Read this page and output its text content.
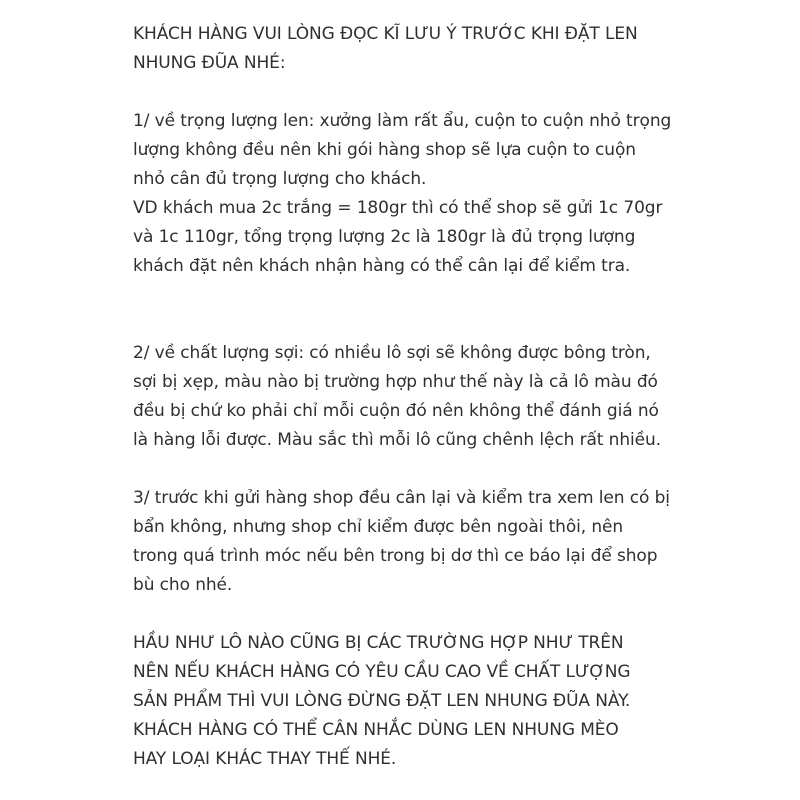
KHÁCH HÀNG VUI LÒNG ĐỌC KĨ LƯU Ý TRƯỚC KHI ĐẶT LEN
NHUNG ĐŨA NHÉ:
1/ về trọng lượng len: xưởng làm rất ẩu, cuộn to cuộn nhỏ trọng
lượng không đều nên khi gói hàng shop sẽ lựa cuộn to cuộn
nhỏ cân đủ trọng lượng cho khách.
VD khách mua 2c trắng = 180gr thì có thể shop sẽ gửi 1c 70gr
và 1c 110gr, tổng trọng lượng 2c là 180gr là đủ trọng lượng
khách đặt nên khách nhận hàng có thể cân lại để kiểm tra.
2/ về chất lượng sợi: có nhiều lô sợi sẽ không được bông tròn,
sợi bị xẹp, màu nào bị trường hợp như thế này là cả lô màu đó
đều bị chứ ko phải chỉ mỗi cuộn đó nên không thể đánh giá nó
là hàng lỗi được. Màu sắc thì mỗi lô cũng chênh lệch rất nhiều.
3/ trước khi gửi hàng shop đều cân lại và kiểm tra xem len có bị
bẩn không, nhưng shop chỉ kiểm được bên ngoài thôi, nên
trong quá trình móc nếu bên trong bị dơ thì ce báo lại để shop
bù cho nhé.
HẦU NHƯ LÔ NÀO CŨNG BỊ CÁC TRƯỜNG HỢP NHƯ TRÊN
NÊN NẾU KHÁCH HÀNG CÓ YÊU CẦU CAO VỀ CHẤT LƯỢNG
SẢN PHẨM THÌ VUI LÒNG ĐỪNG ĐẶT LEN NHUNG ĐŨA NÀY.
KHÁCH HÀNG CÓ THỂ CÂN NHẮC DÙNG LEN NHUNG MÈO
HAY LOẠI KHÁC THAY THẾ NHÉ.
